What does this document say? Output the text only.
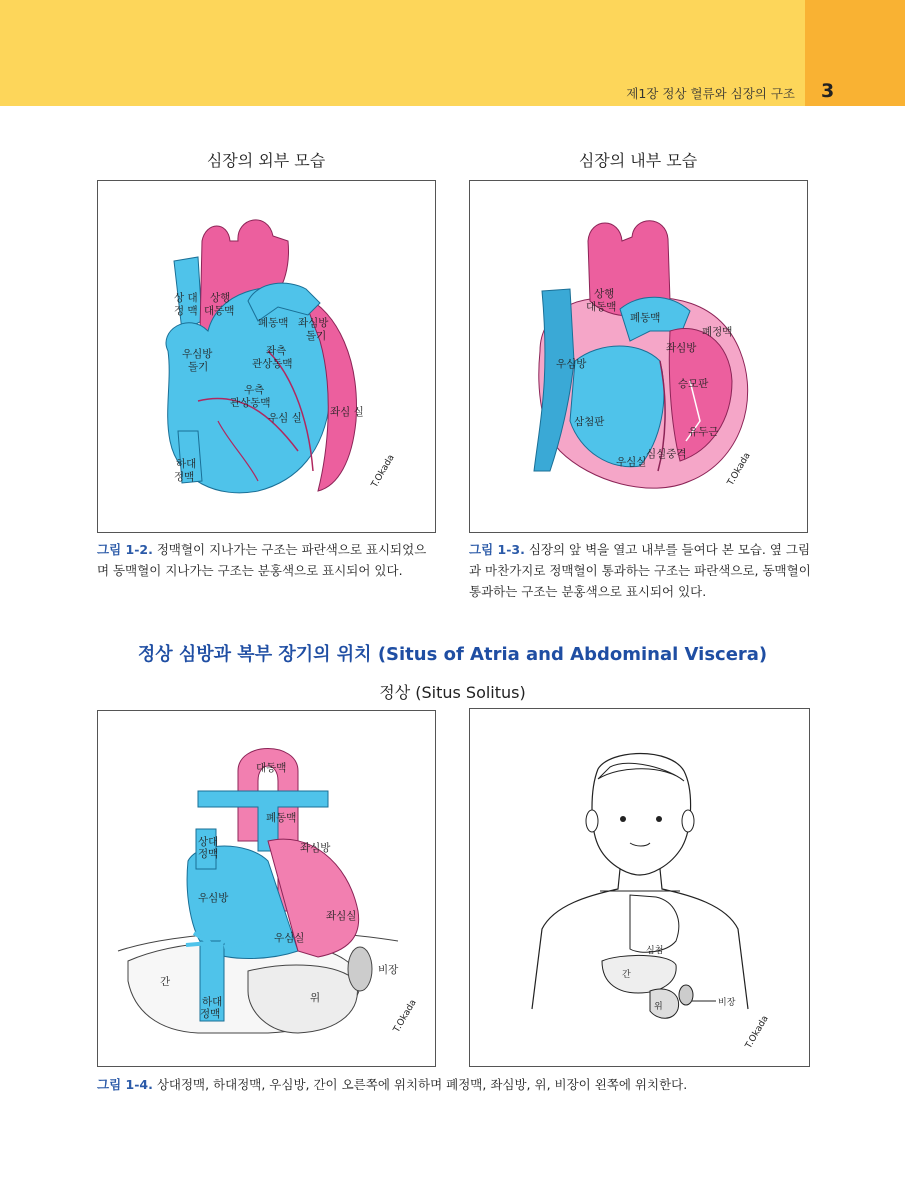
제1장 정상 혈류와 심장의 구조 3
심장의 외부 모습	심장의 내부 모습
T.Okada
상 대
정 맥
상행
대동맥
폐동맥 좌심방
돌기
우심방
돌기
좌측
관상동맥
우측
관상동맥
우심 실	좌심 실
하대
정맥	T.Okada
상행
대동맥
폐동맥
폐정맥
좌심방
우심방
승모판
삼첨판
유두근
심실중격
우심실
그림 1-2. 정맥혈이 지나가는 구조는 파란색으로 표시되었으며 동맥혈이 지나가는 구조는 분홍색으로 표시되어 있다.
그림 1-3. 심장의 앞 벽을 열고 내부를 들여다 본 모습. 옆 그림과 마찬가지로 정맥혈이 통과하는 구조는 파란색으로, 동맥혈이 통과하는 구조는 분홍색으로 표시되어 있다.
정상 심방과 복부 장기의 위치 (Situs of Atria and Abdominal Viscera)
정상 (Situs Solitus)
T.Okada
대동맥
폐동맥
상대
정맥	좌심방
우심방
좌심실
우심실
간
위
비장
하대
정맥
T.Okada
심첨
간
위	비장
그림 1-4. 상대정맥, 하대정맥, 우심방, 간이 오른쪽에 위치하며 폐정맥, 좌심방, 위, 비장이 왼쪽에 위치한다.
